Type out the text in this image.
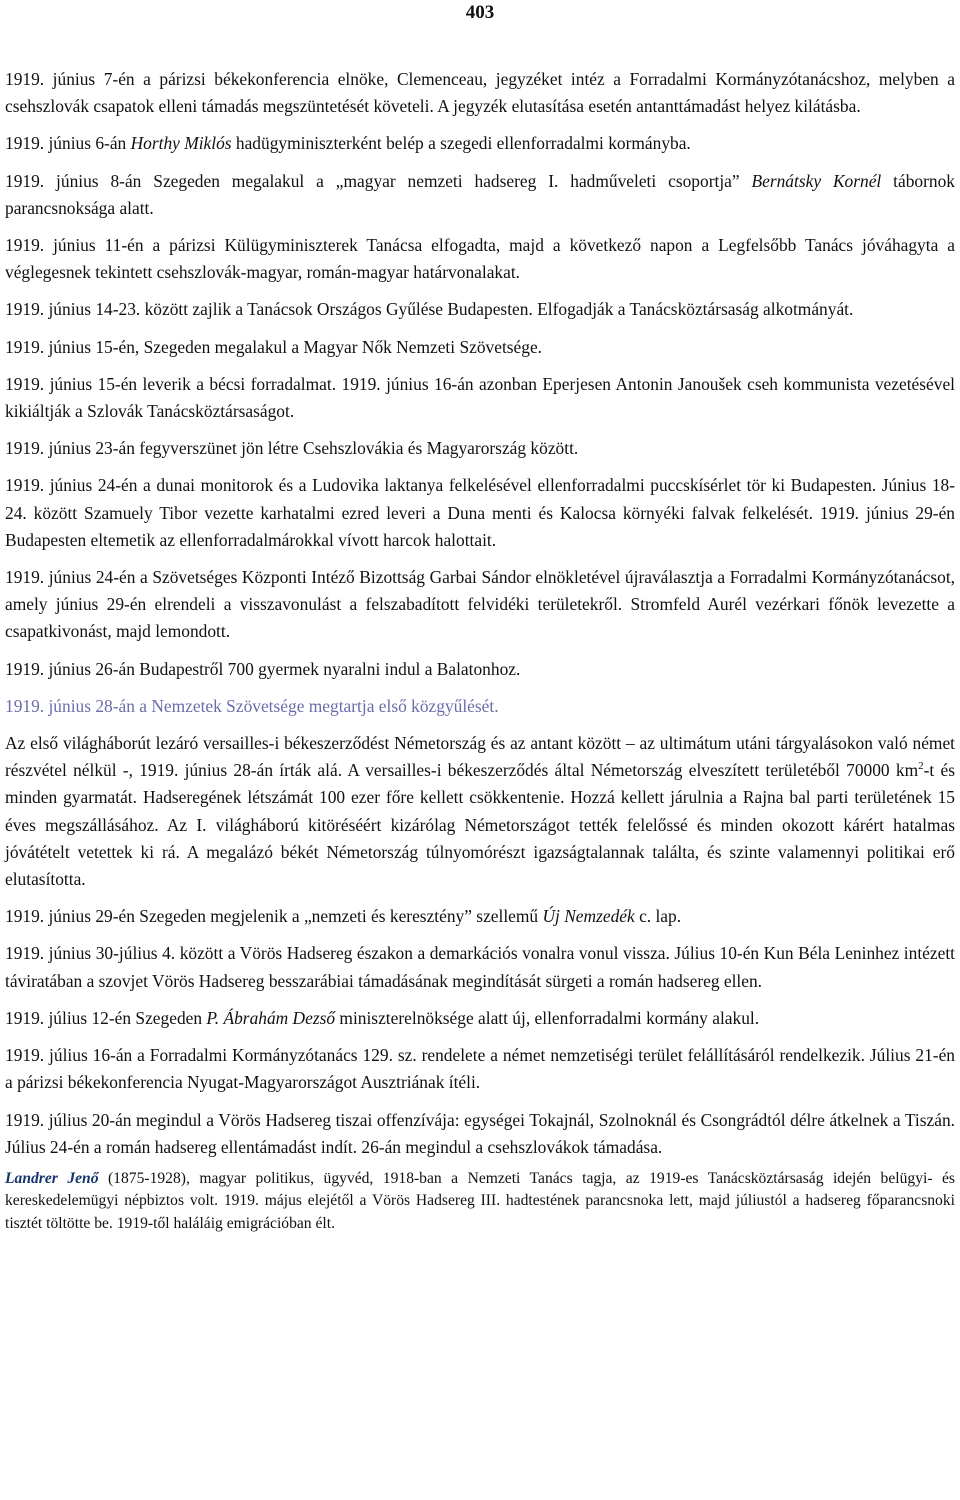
403

1919. június 7-én a párizsi békekonferencia elnöke, Clemenceau, jegyzéket intéz a Forradalmi Kormányzótanácshoz, melyben a csehszlovák csapatok elleni támadás megszüntetését követeli. A jegyzék elutasítása esetén antanttámadást helyez kilátásba.

1919. június 6-án Horthy Miklós hadügyminiszterként belép a szegedi ellenforradalmi kormányba.

1919. június 8-án Szegeden megalakul a „magyar nemzeti hadsereg I. hadműveleti csoportja” Bernátsky Kornél tábornok parancsnoksága alatt.

1919. június 11-én a párizsi Külügyminiszterek Tanácsa elfogadta, majd a következő napon a Legfelsőbb Tanács jóváhagyta a véglegesnek tekintett csehszlovák-magyar, román-magyar határvonalakat.

1919. június 14-23. között zajlik a Tanácsok Országos Gyűlése Budapesten. Elfogadják a Tanácsköztársaság alkotmányát.

1919. június 15-én, Szegeden megalakul a Magyar Nők Nemzeti Szövetsége.

1919. június 15-én leverik a bécsi forradalmat. 1919. június 16-án azonban Eperjesen Antonin Janoušek cseh kommunista vezetésével kikiáltják a Szlovák Tanácsköztársaságot.

1919. június 23-án fegyverszünet jön létre Csehszlovákia és Magyarország között.

1919. június 24-én a dunai monitorok és a Ludovika laktanya felkelésével ellenforradalmi puccskísérlet tör ki Budapesten. Június 18-24. között Szamuely Tibor vezette karhatalmi ezred leveri a Duna menti és Kalocsa környéki falvak felkelését. 1919. június 29-én Budapesten eltemetik az ellenforradalmárokkal vívott harcok halottait.

1919. június 24-én a Szövetséges Központi Intéző Bizottság Garbai Sándor elnökletével újraválasztja a Forradalmi Kormányzótanácsot, amely június 29-én elrendeli a visszavonulást a felszabadított felvidéki területekről. Stromfeld Aurél vezérkari főnök levezette a csapatkivonást, majd lemondott.

1919. június 26-án Budapestről 700 gyermek nyaralni indul a Balatonhoz.

1919. június 28-án a Nemzetek Szövetsége megtartja első közgyűlését.

Az első világháborút lezáró versailles-i békeszerződést Németország és az antant között – az ultimátum utáni tárgyalásokon való német részvétel nélkül -, 1919. június 28-án írták alá. A versailles-i békeszerződés által Németország elveszített területéből 70000 $km^2-t$ és minden gyarmatát. Hadseregének létszámát 100 ezer főre kellett csökkentenie. Hozzá kellett járulnia a Rajna bal parti területének 15 éves megszállásához. Az I. világháború kitöréséért kizárólag Németországot tették felelőssé és minden okozott kárért hatalmas jóvátételt vetettek ki rá. A megalázó békét Németország túlnyomórészt igazságtalannak találta, és szinte valamennyi politikai erő elutasította.

1919. június 29-én Szegeden megjelenik a „nemzeti és keresztény” szellemű Új Nemzedék c. lap.

1919. június 30-július 4. között a Vörös Hadsereg északon a demarkációs vonalra vonul vissza. Július 10-én Kun Béla Leninhez intézett táviratában a szovjet Vörös Hadsereg besszarábiai támadásának megindítását sürgeti a román hadsereg ellen.

1919. július 12-én Szegeden P. Ábrahám Dezső miniszterelnöksége alatt új, ellenforradalmi kormány alakul.

1919. július 16-án a Forradalmi Kormányzótanács 129. sz. rendelete a német nemzetiségi terület felállításáról rendelkezik. Július 21-én a párizsi békekonferencia Nyugat-Magyarországot Ausztriának ítéli.

1919. július 20-án megindul a Vörös Hadsereg tiszai offenzívája: egységei Tokajnál, Szolnoknál és Csongrádtól délre átkelnek a Tiszán. Július 24-én a román hadsereg ellentámadást indít. 26-án megindul a csehszlovákok támadása.

Landrer Jenő (1875-1928), magyar politikus, ügyvéd, 1918-ban a Nemzeti Tanács tagja, az 1919-es Tanácsköztársaság idején belügyi- és kereskedelemügyi népbiztos volt. 1919. május elejétől a Vörös Hadsereg III. hadtestének parancsnoka lett, majd júliustól a hadsereg főparancsnoki tisztét töltötte be. 1919-től haláláig emigrációban élt.
